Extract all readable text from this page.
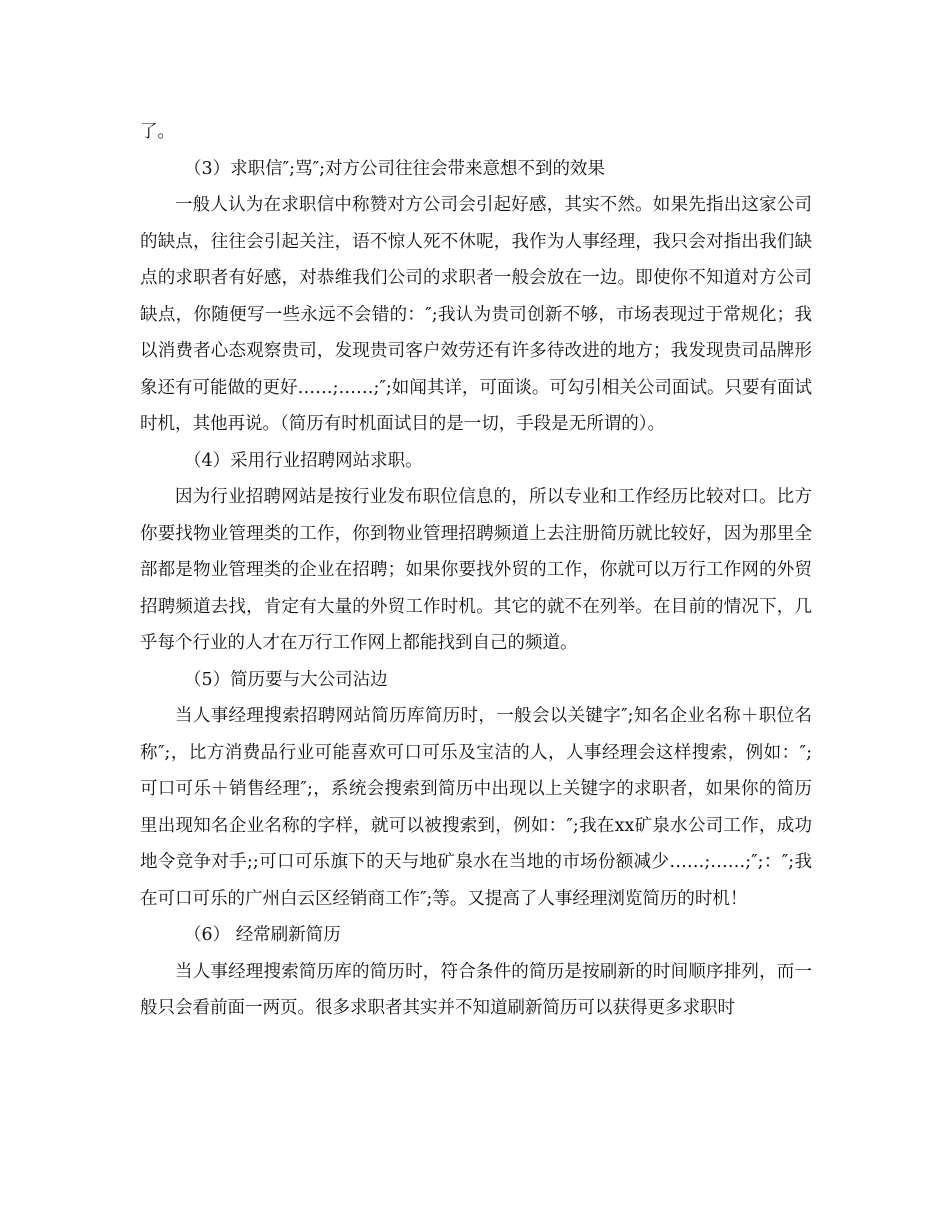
了。

（3）求职信″;骂″;对方公司往往会带来意想不到的效果

一般人认为在求职信中称赞对方公司会引起好感，其实不然。如果先指出这家公司的缺点，往往会引起关注，语不惊人死不休呢，我作为人事经理，我只会对指出我们缺点的求职者有好感，对恭维我们公司的求职者一般会放在一边。即使你不知道对方公司缺点，你随便写一些永远不会错的：″;我认为贵司创新不够，市场表现过于常规化；我以消费者心态观察贵司，发现贵司客户效劳还有许多待改进的地方；我发现贵司品牌形象还有可能做的更好……;……;″;如闻其详，可面谈。可勾引相关公司面试。只要有面试时机，其他再说。（简历有时机面试目的是一切，手段是无所谓的）。

（4）采用行业招聘网站求职。

因为行业招聘网站是按行业发布职位信息的，所以专业和工作经历比较对口。比方你要找物业管理类的工作，你到物业管理招聘频道上去注册简历就比较好，因为那里全部都是物业管理类的企业在招聘；如果你要找外贸的工作，你就可以万行工作网的外贸招聘频道去找，肯定有大量的外贸工作时机。其它的就不在列举。在目前的情况下，几乎每个行业的人才在万行工作网上都能找到自己的频道。

（5）简历要与大公司沾边

当人事经理搜索招聘网站简历库简历时，一般会以关键字″;知名企业名称＋职位名称″;，比方消费品行业可能喜欢可口可乐及宝洁的人，人事经理会这样搜索，例如：″;可口可乐＋销售经理″;，系统会搜索到简历中出现以上关键字的求职者，如果你的简历里出现知名企业名称的字样，就可以被搜索到，例如：″;我在xx矿泉水公司工作，成功地令竞争对手;;可口可乐旗下的天与地矿泉水在当地的市场份额减少……;……;″;：″;我在可口可乐的广州白云区经销商工作″;等。又提高了人事经理浏览简历的时机！

（6） 经常刷新简历

当人事经理搜索简历库的简历时，符合条件的简历是按刷新的时间顺序排列，而一般只会看前面一两页。很多求职者其实并不知道刷新简历可以获得更多求职时
